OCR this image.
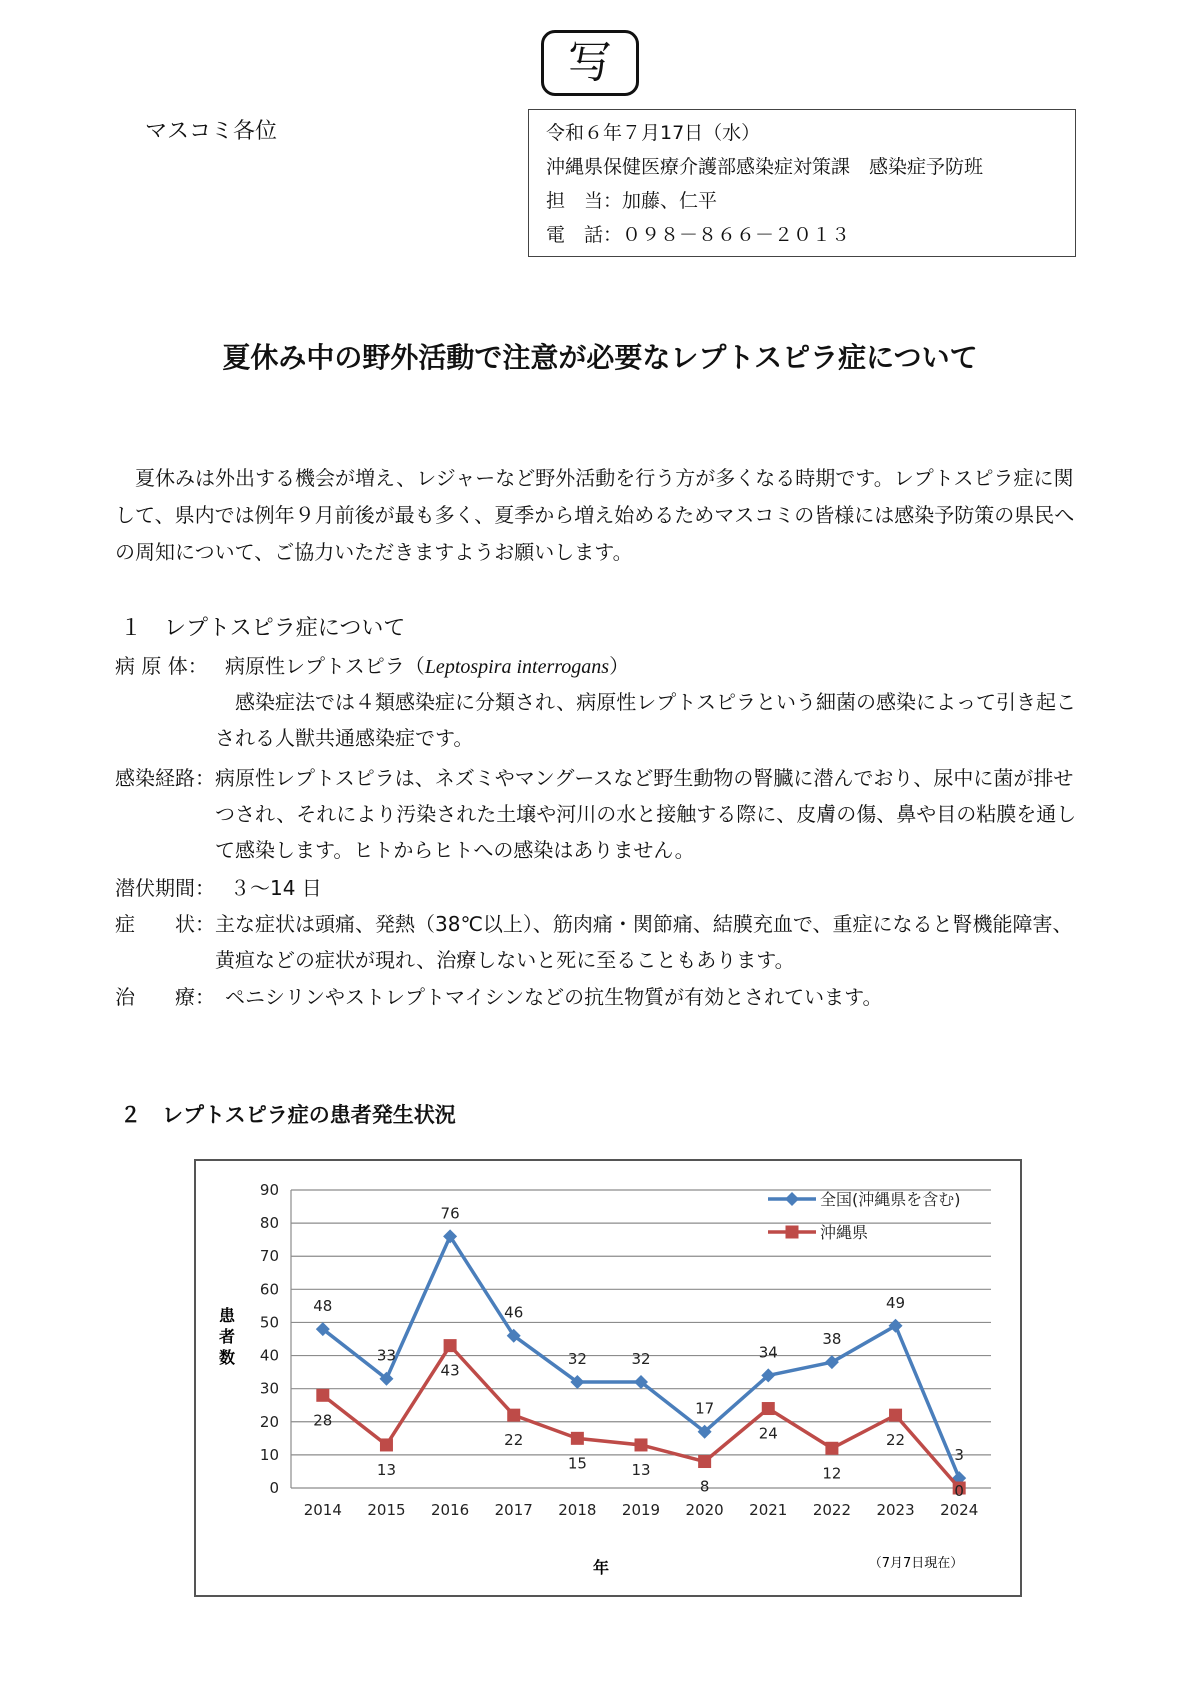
写
マスコミ各位	令和６年７月17日（水）
沖縄県保健医療介護部感染症対策課　感染症予防班
担　当：加藤、仁平
電　話：０９８－８６６－２０１３
夏休み中の野外活動で注意が必要なレプトスピラ症について

夏休みは外出する機会が増え、レジャーなど野外活動を行う方が多くなる時期です。レプトスピラ症に関して、県内では例年９月前後が最も多く、夏季から増え始めるためマスコミの皆様には感染予防策の県民への周知について、ご協力いただきますようお願いします。

１　レプトスピラ症について
病 原 体： 病原性レプトスピラ（Leptospira interrogans）
感染症法では４類感染症に分類され、病原性レプトスピラという細菌の感染によって引き起こされる人獣共通感染症です。
感染経路： 病原性レプトスピラは、ネズミやマングースなど野生動物の腎臓に潜んでおり、尿中に菌が排せつされ、それにより汚染された土壌や河川の水と接触する際に、皮膚の傷、鼻や目の粘膜を通して感染します。ヒトからヒトへの感染はありません。
潜伏期間： ３～14 日
症　　状： 主な症状は頭痛、発熱（38℃以上）、筋肉痛・関節痛、結膜充血で、重症になると腎機能障害、黄疸などの症状が現れ、治療しないと死に至ることもあります。
治　　療： ペニシリンやストレプトマイシンなどの抗生物質が有効とされています。
２　レプトスピラ症の患者発生状況
0
10
20
30
40
50
60
70
80
90
2014 2015 2016 2017 2018 2019 2020 2021 2022 2023 2024
48
33
76
46
32	32
17
34
38
49
3
28
13
43
22
15	13
8
24
12
22
0
患者数
年	（7月7日現在）
全国(沖縄県を含む)
沖縄県
